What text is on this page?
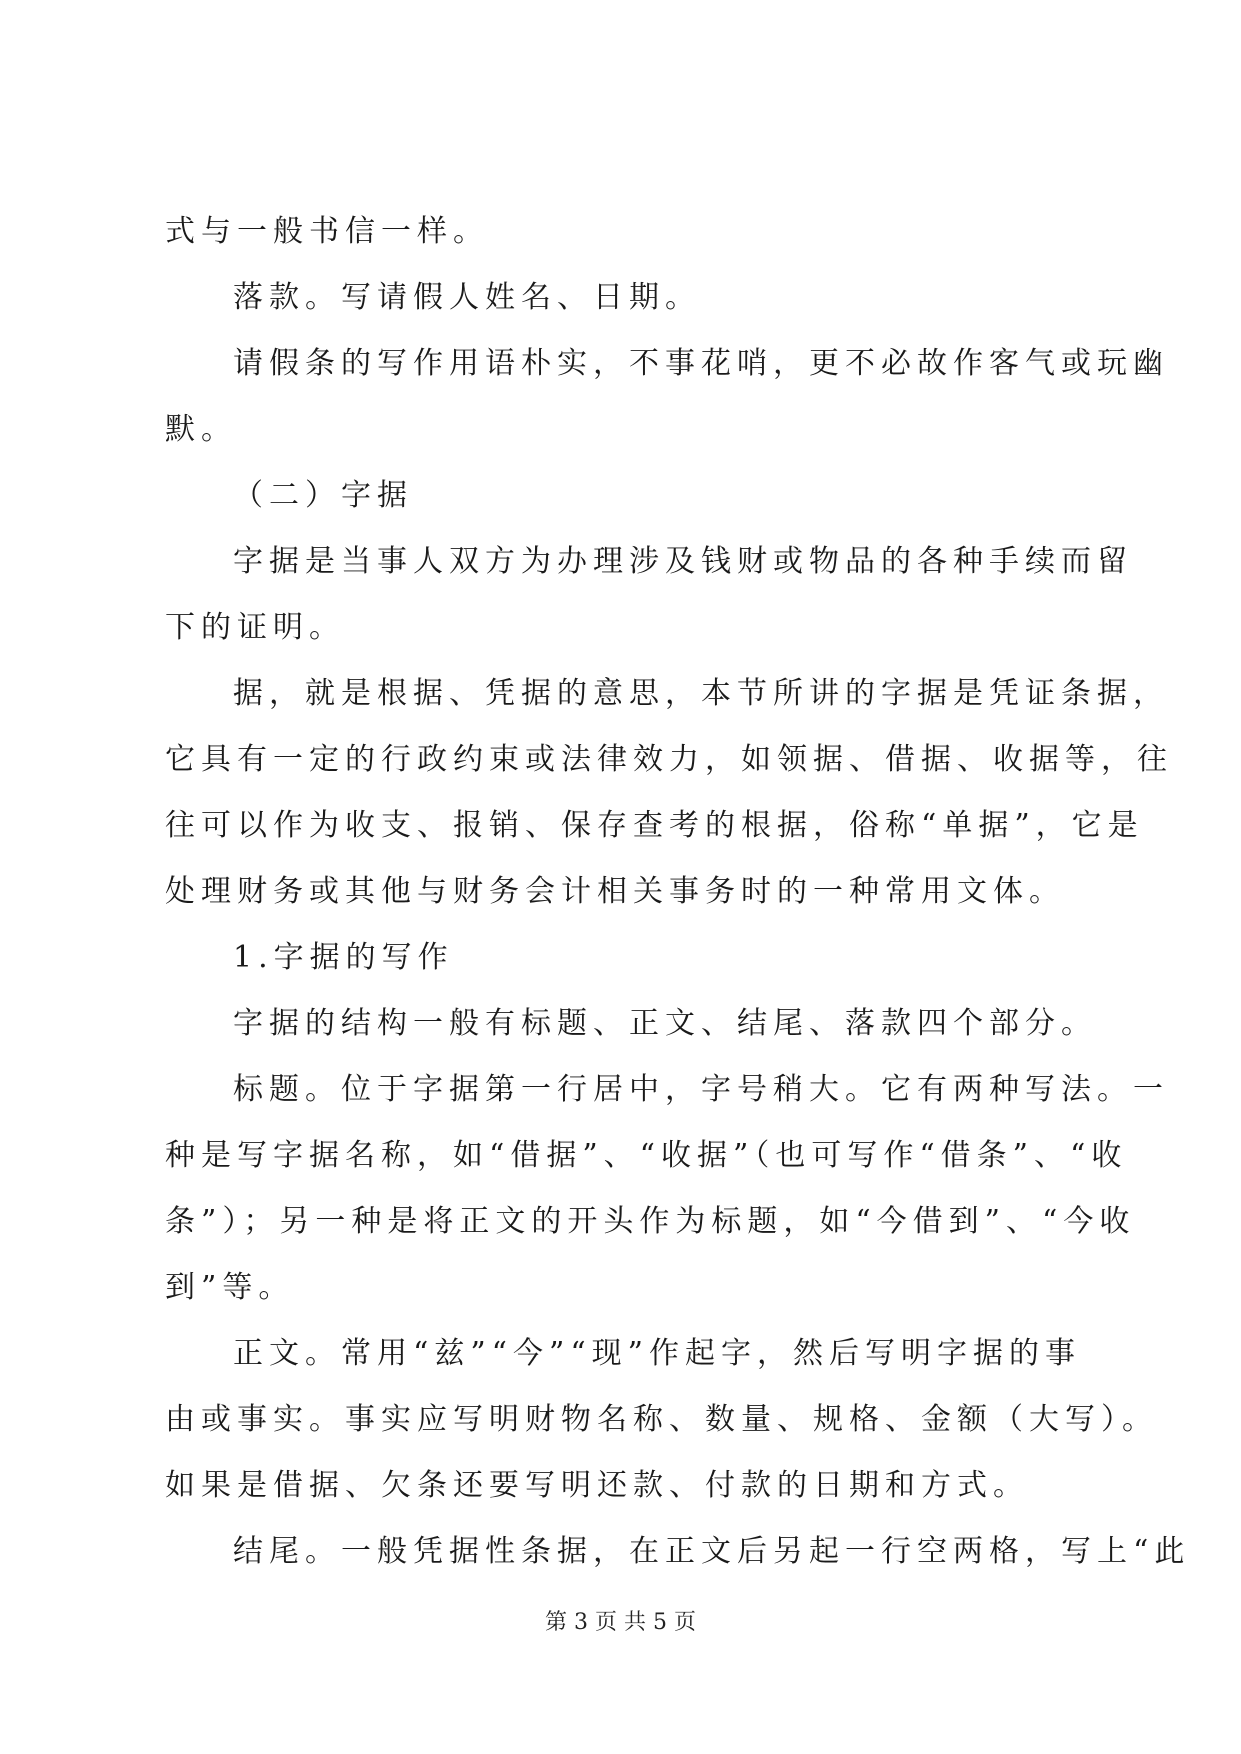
式与一般书信一样。
落款。写请假人姓名、日期。
请假条的写作用语朴实，不事花哨，更不必故作客气或玩幽
默。
（二）字据
字据是当事人双方为办理涉及钱财或物品的各种手续而留
下的证明。
据，就是根据、凭据的意思，本节所讲的字据是凭证条据，
它具有一定的行政约束或法律效力，如领据、借据、收据等，往
往可以作为收支、报销、保存查考的根据，俗称“单据”，它是
处理财务或其他与财务会计相关事务时的一种常用文体。
1.字据的写作
字据的结构一般有标题、正文、结尾、落款四个部分。
标题。位于字据第一行居中，字号稍大。它有两种写法。一
种是写字据名称，如“借据”、“收据”（也可写作“借条”、“收
条”）；另一种是将正文的开头作为标题，如“今借到”、“今收
到”等。
正文。常用“兹”“今”“现”作起字，然后写明字据的事
由或事实。事实应写明财物名称、数量、规格、金额（大写）。
如果是借据、欠条还要写明还款、付款的日期和方式。
结尾。一般凭据性条据，在正文后另起一行空两格，写上“此
第 3 页 共 5 页
